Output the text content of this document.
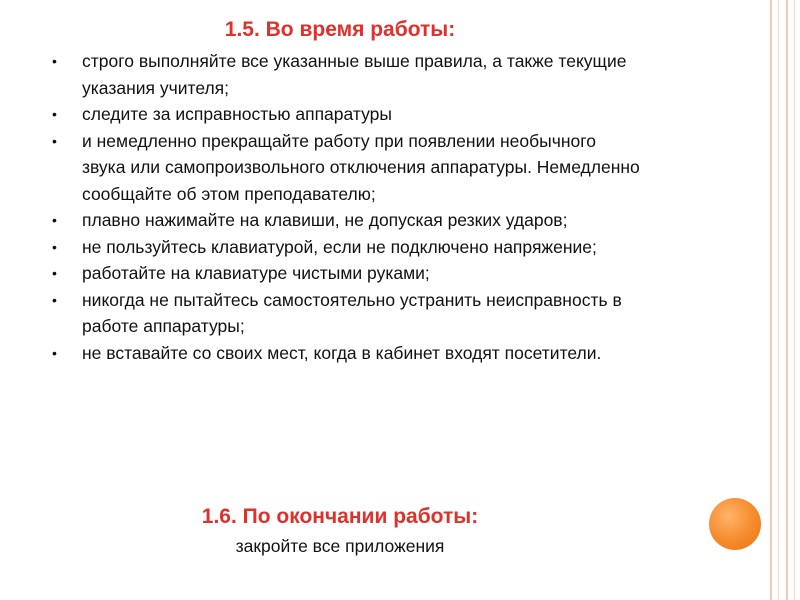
1.5. Во время работы:
• строго выполняйте все указанные выше правила, а также текущие указания учителя;
• следите за исправностью аппаратуры
• и немедленно прекращайте работу при появлении необычного звука или самопроизвольного отключения аппаратуры. Немедленно сообщайте об этом преподавателю;
• плавно нажимайте на клавиши, не допуская резких ударов;
• не пользуйтесь клавиатурой, если не подключено напряжение;
• работайте на клавиатуре чистыми руками;
• никогда не пытайтесь самостоятельно устранить неисправность в работе аппаратуры;
• не вставайте со своих мест, когда в кабинет входят посетители.
1.6. По окончании работы:

закройте все приложения
